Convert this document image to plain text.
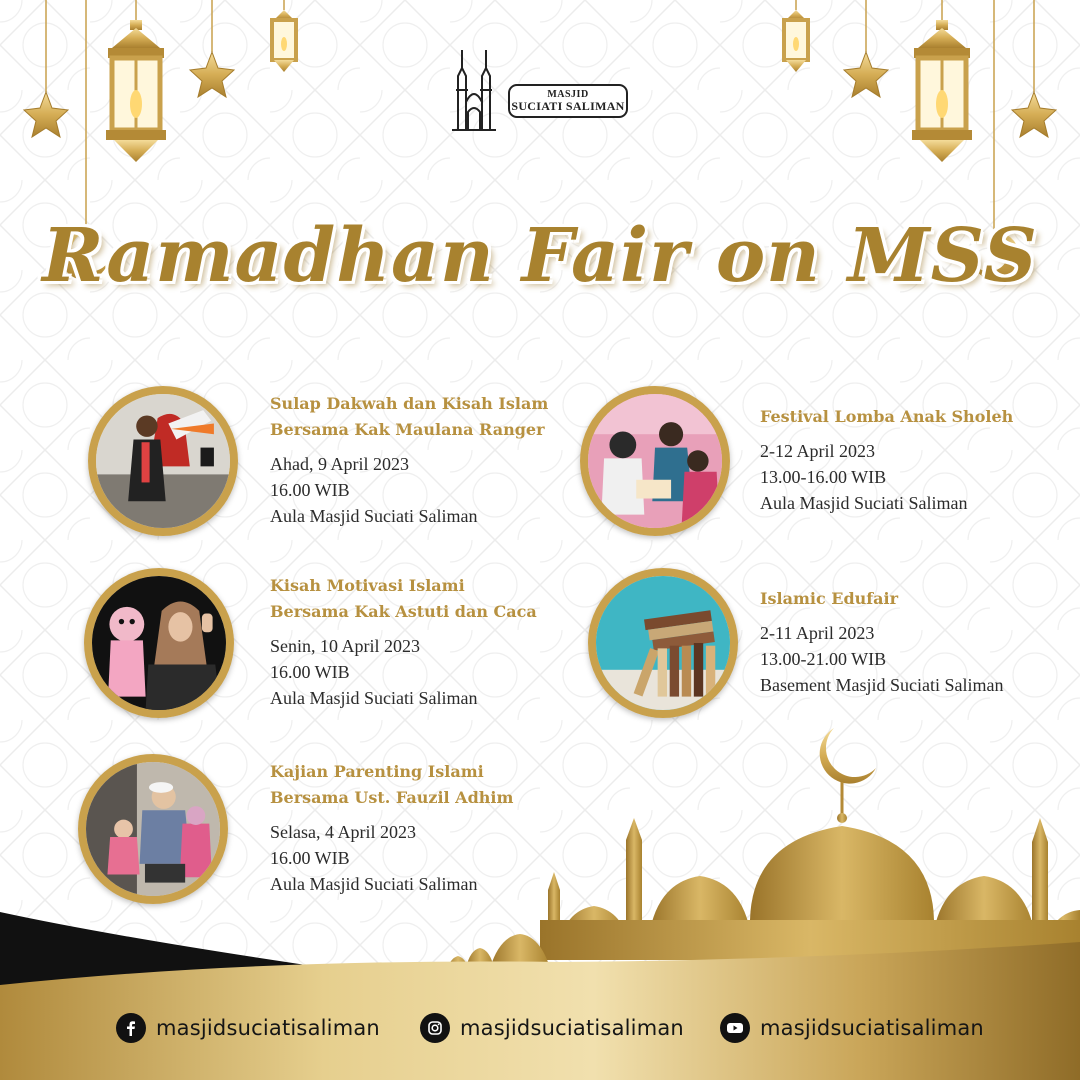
MASJID
SUCIATI SALIMAN
Ramadhan Fair on MSS
Sulap Dakwah dan Kisah Islam
Bersama Kak Maulana Ranger
Ahad, 9 April 2023
16.00 WIB
Aula Masjid Suciati Saliman
Kisah Motivasi Islami
Bersama Kak Astuti dan Caca
Senin, 10 April 2023
16.00 WIB
Aula Masjid Suciati Saliman
Kajian Parenting Islami
Bersama Ust. Fauzil Adhim
Selasa, 4 April 2023
16.00 WIB
Aula Masjid Suciati Saliman
Festival Lomba Anak Sholeh
2-12 April 2023
13.00-16.00 WIB
Aula Masjid Suciati Saliman
Islamic Edufair
2-11 April 2023
13.00-21.00 WIB
Basement Masjid Suciati Saliman
masjidsuciatisaliman	masjidsuciatisaliman	masjidsuciatisaliman
